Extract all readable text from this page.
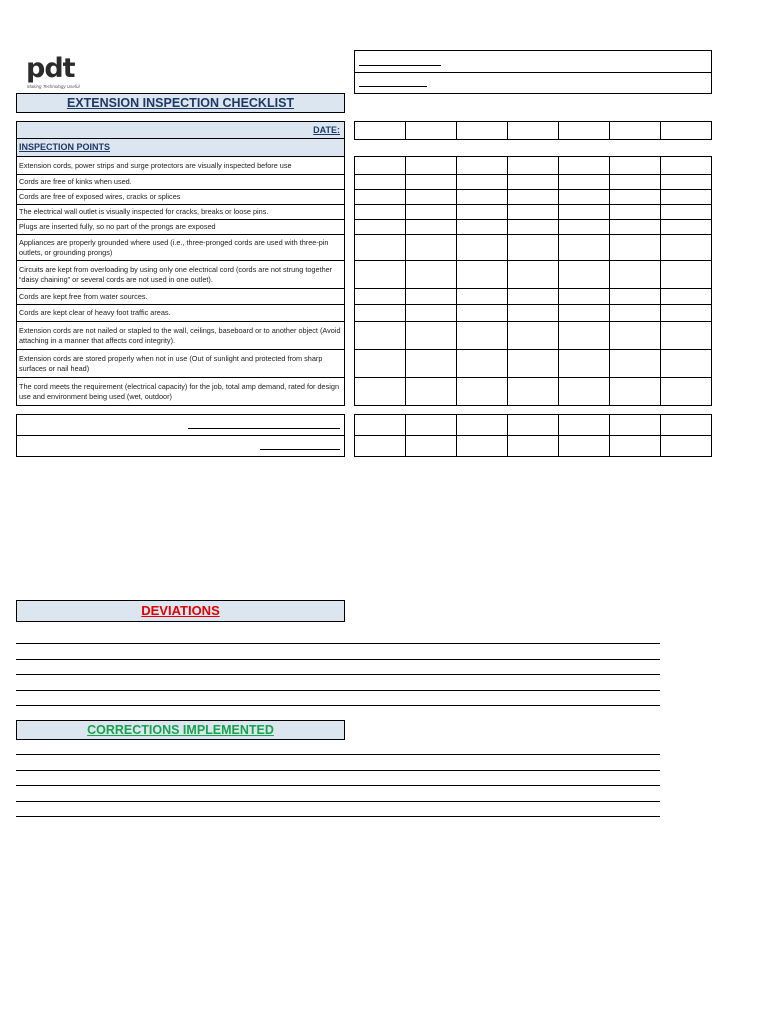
pdt
Making Technology Useful
EXTENSION INSPECTION CHECKLIST
DATE:
INSPECTION POINTS

Extension cords, power strips and surge protectors are visually inspected before use
Cords are free of kinks when used.
Cords are free of exposed wires, cracks or splices
The electrical wall outlet is visually inspected for cracks, breaks or loose pins.
Plugs are inserted fully, so no part of the prongs are exposed
Appliances are properly grounded where used (i.e., three-pronged cords are used with three-pin outlets, or grounding prongs)
Circuits are kept from overloading by using only one electrical cord (cords are not strung together “daisy chaining” or several cords are not used in one outlet).
Cords are kept free from water sources.
Cords are kept clear of heavy foot traffic areas.
Extension cords are not nailed or stapled to the wall, ceilings, baseboard or to another object (Avoid attaching in a manner that affects cord integrity).
Extension cords are stored properly when not in use (Out of sunlight and protected from sharp surfaces or nail head)
The cord meets the requirement (electrical capacity) for the job, total amp demand, rated for design use and environment being used (wet, outdoor)

DEVIATIONS
CORRECTIONS IMPLEMENTED
